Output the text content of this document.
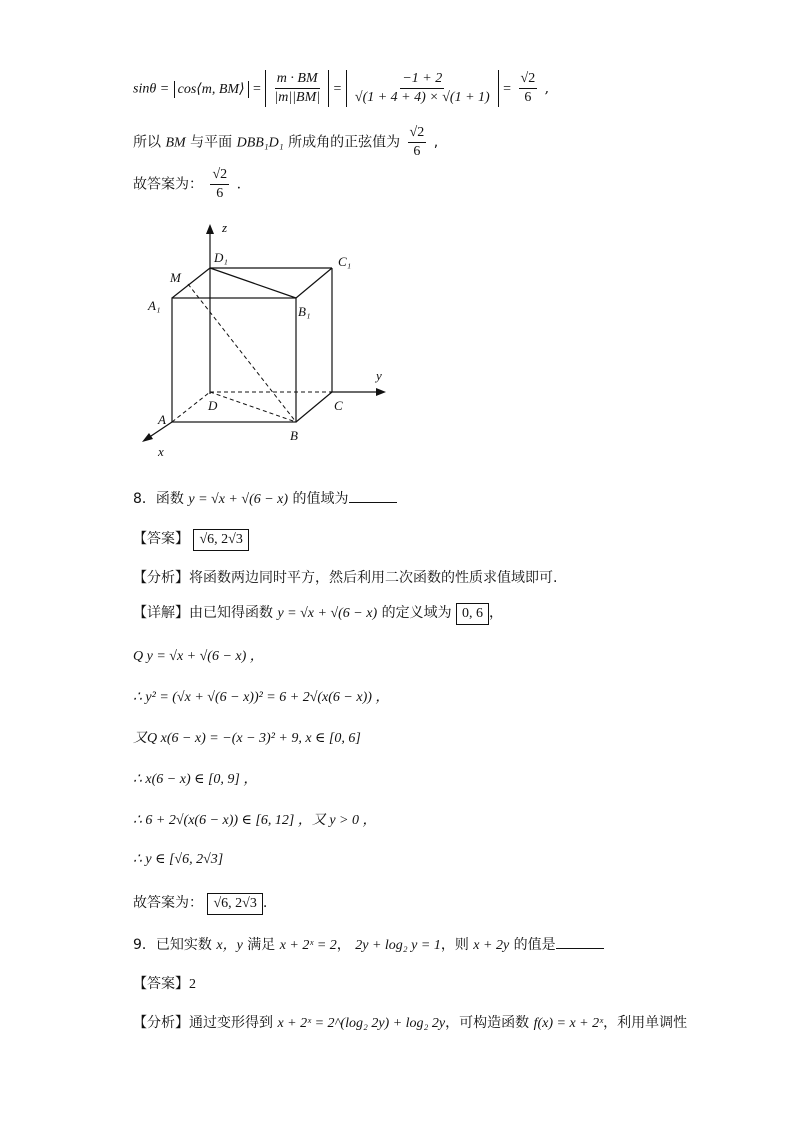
sinθ = cos⟨m, BM⟩ = $\frac{m \cdot BM}{|m||BM|} = \frac{-1 + 2}{√(1 + 4 + 4) \times √(1 + 1)} = \frac{√2}{6}$ ,
所以 BM 与平面 DBB₁D₁ 所成角的正弦值为 $\frac{√2}{6}$ ,
故答案为： $\frac{√2}{6}$ .
z
y
x
D₁	C₁
M
A₁	B₁
A
D	C
B
8．函数 y = √x + √(6 − x) 的值域为
【答案】 √6, 2√3
【分析】将函数两边同时平方，然后利用二次函数的性质求值域即可.
【详解】由已知得函数 y = √x + √(6 − x) 的定义域为 0, 6 ，
Q y = √x + √(6 − x) ，
∴ y² = (√x + √(6 − x))² = 6 + 2√(x(6 − x)) ，
又Q x(6 − x) = −(x − 3)² + 9, x ∈ [0, 6]
∴ x(6 − x) ∈ [0, 9] ，
∴ 6 + 2√(x(6 − x)) ∈ [6, 12] ，又 y > 0 ，
∴ y ∈ [√6, 2√3]
故答案为： √6, 2√3 .
9．已知实数 x，y 满足 x + 2ˣ = 2， 2y + log₂ y = 1，则 x + 2y 的值是
【答案】2
【分析】通过变形得到 x + 2ˣ = 2^(log₂ 2y) + log₂ 2y，可构造函数 f(x) = x + 2ˣ，利用单调性
